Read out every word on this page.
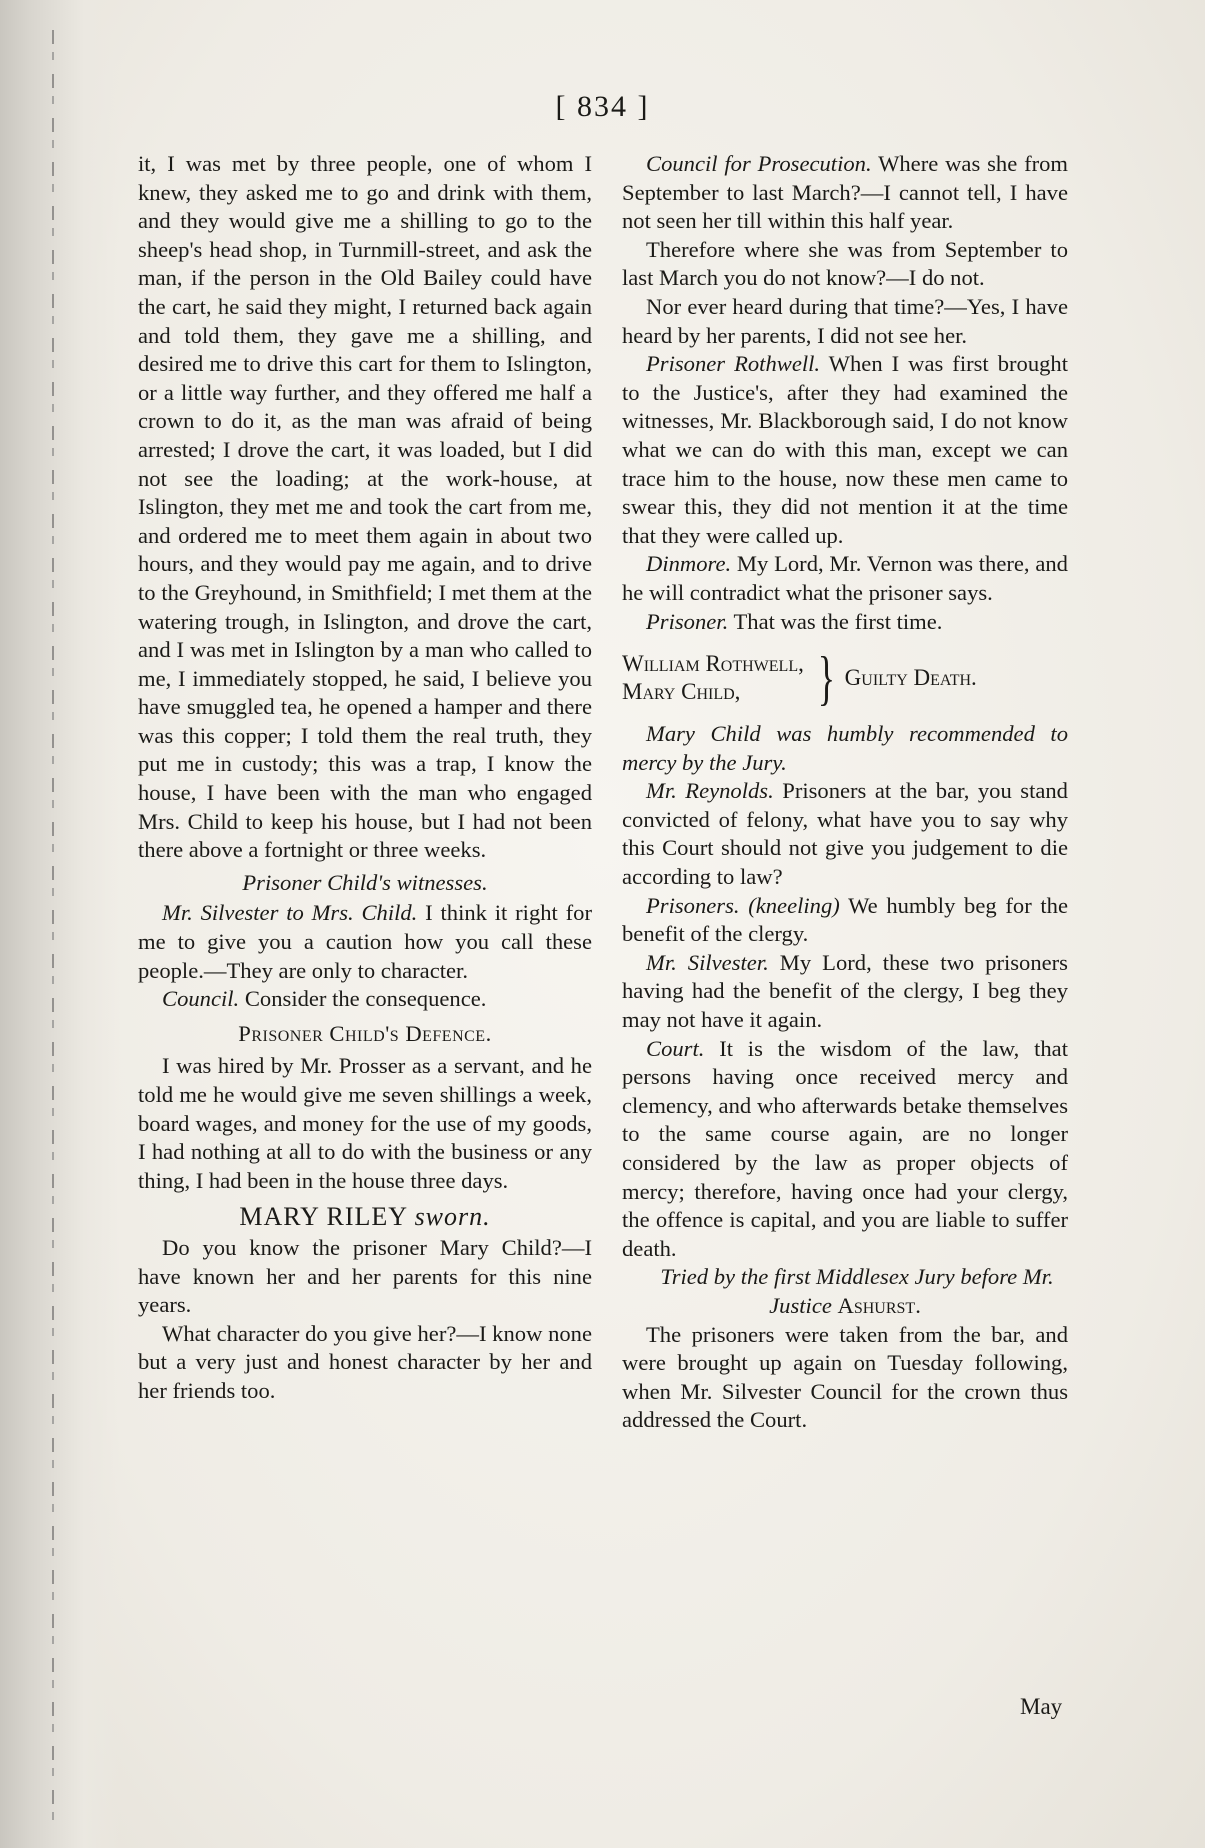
[ 834 ]

it, I was met by three people, one of whom I knew, they asked me to go and drink with them, and they would give me a shilling to go to the sheep's head shop, in Turnmill-street, and ask the man, if the person in the Old Bailey could have the cart, he said they might, I returned back again and told them, they gave me a shilling, and desired me to drive this cart for them to Islington, or a little way further, and they offered me half a crown to do it, as the man was afraid of being arrested; I drove the cart, it was loaded, but I did not see the loading; at the work-house, at Islington, they met me and took the cart from me, and ordered me to meet them again in about two hours, and they would pay me again, and to drive to the Greyhound, in Smithfield; I met them at the watering trough, in Islington, and drove the cart, and I was met in Islington by a man who called to me, I immediately stopped, he said, I believe you have smuggled tea, he opened a hamper and there was this copper; I told them the real truth, they put me in custody; this was a trap, I know the house, I have been with the man who engaged Mrs. Child to keep his house, but I had not been there above a fortnight or three weeks.

Prisoner Child's witnesses.

Mr. Silvester to Mrs. Child. I think it right for me to give you a caution how you call these people.—They are only to character.

Council. Consider the consequence.

Prisoner Child's Defence.

I was hired by Mr. Prosser as a servant, and he told me he would give me seven shillings a week, board wages, and money for the use of my goods, I had nothing at all to do with the business or any thing, I had been in the house three days.

MARY RILEY sworn.

Do you know the prisoner Mary Child?—I have known her and her parents for this nine years.

What character do you give her?—I know none but a very just and honest character by her and her friends too.

Council for Prosecution. Where was she from September to last March?—I cannot tell, I have not seen her till within this half year.

Therefore where she was from September to last March you do not know?—I do not.

Nor ever heard during that time?—Yes, I have heard by her parents, I did not see her.

Prisoner Rothwell. When I was first brought to the Justice's, after they had examined the witnesses, Mr. Blackborough said, I do not know what we can do with this man, except we can trace him to the house, now these men came to swear this, they did not mention it at the time that they were called up.

Dinmore. My Lord, Mr. Vernon was there, and he will contradict what the prisoner says.

Prisoner. That was the first time.

William Rothwell,
Mary Child,	} Guilty Death.

Mary Child was humbly recommended to mercy by the Jury.

Mr. Reynolds. Prisoners at the bar, you stand convicted of felony, what have you to say why this Court should not give you judgement to die according to law?

Prisoners. (kneeling) We humbly beg for the benefit of the clergy.

Mr. Silvester. My Lord, these two prisoners having had the benefit of the clergy, I beg they may not have it again.

Court. It is the wisdom of the law, that persons having once received mercy and clemency, and who afterwards betake themselves to the same course again, are no longer considered by the law as proper objects of mercy; therefore, having once had your clergy, the offence is capital, and you are liable to suffer death.

Tried by the first Middlesex Jury before Mr. Justice Ashurst.

The prisoners were taken from the bar, and were brought up again on Tuesday following, when Mr. Silvester Council for the crown thus addressed the Court.

May
